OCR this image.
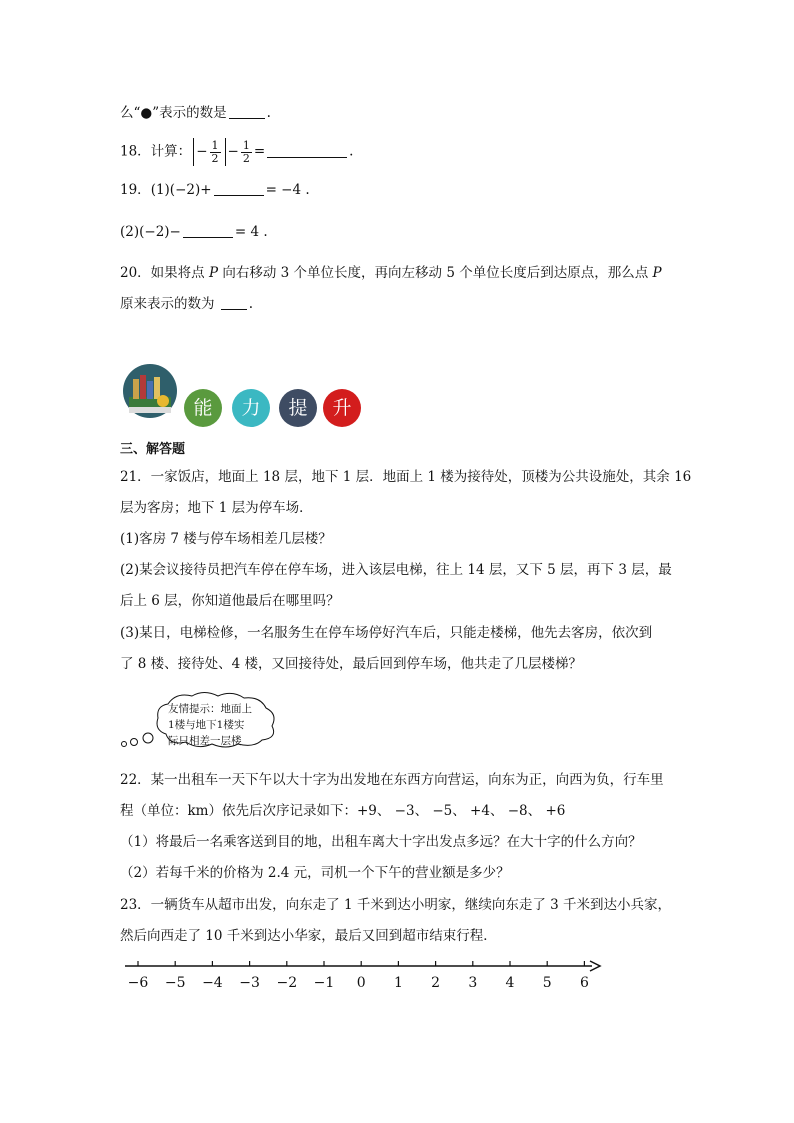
么“●”表示的数是	.
18．计算： − $\frac{1}{2} - \frac{1}{2}$ =	.
19．(1)(−2)+	= −4 .
(2)(−2)−	= 4 .
20．如果将点 P 向右移动 3 个单位长度，再向左移动 5 个单位长度后到达原点，那么点 P
原来表示的数为 .
能	力	提	升
三、解答题
21．一家饭店，地面上 18 层，地下 1 层．地面上 1 楼为接待处，顶楼为公共设施处，其余 16
层为客房；地下 1 层为停车场．
(1)客房 7 楼与停车场相差几层楼？
(2)某会议接待员把汽车停在停车场，进入该层电梯，往上 14 层，又下 5 层，再下 3 层，最
后上 6 层，你知道他最后在哪里吗？
(3)某日，电梯检修，一名服务生在停车场停好汽车后，只能走楼梯，他先去客房，依次到
了 8 楼、接待处、4 楼，又回接待处，最后回到停车场，他共走了几层楼梯？
友情提示：地面上
1楼与地下1楼实
际只相差一层楼
22．某一出租车一天下午以大十字为出发地在东西方向营运，向东为正，向西为负，行车里
程（单位：km）依先后次序记录如下：+9、 −3、 −5、 +4、 −8、 +6
（1）将最后一名乘客送到目的地，出租车离大十字出发点多远？在大十字的什么方向？
（2）若每千米的价格为 2.4 元，司机一个下午的营业额是多少？
23．一辆货车从超市出发，向东走了 1 千米到达小明家，继续向东走了 3 千米到达小兵家，
然后向西走了 10 千米到达小华家，最后又回到超市结束行程．
−6 −5 −4 −3 −2 −1 0 1 2 3 4 5 6
